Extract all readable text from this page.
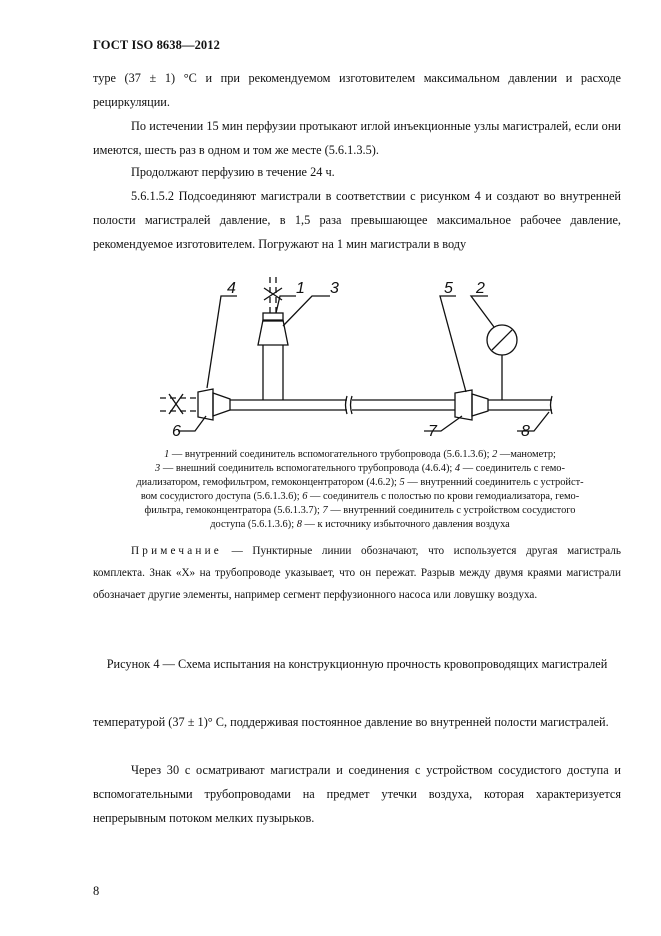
ГОСТ ISO 8638—2012
туре (37 ± 1) °С и при рекомендуемом изготовителем максимальном давлении и расходе рециркуляции.
По истечении 15 мин перфузии протыкают иглой инъекционные узлы магистралей, если они имеются, шесть раз в одном и том же месте (5.6.1.3.5).
Продолжают перфузию в течение 24 ч.
5.6.1.5.2 Подсоединяют магистрали в соответствии с рисунком 4 и создают во внутренней полости магистралей давление, в 1,5 раза превышающее максимальное рабочее давление, рекомендуемое изготовителем. Погружают на 1 мин магистрали в воду
4	1 3	5 2
6	7	8
1 — внутренний соединитель вспомогательного трубопровода (5.6.1.3.6); 2 —манометр;
3 — внешний соединитель вспомогательного трубопровода (4.6.4); 4 — соединитель с гемо-
диализатором, гемофильтром, гемоконцентратором (4.6.2); 5 — внутренний соединитель с устройст-
вом сосудистого доступа (5.6.1.3.6); 6 — соединитель с полостью по крови гемодиализатора, гемо-
фильтра, гемоконцентратора (5.6.1.3.7); 7 — внутренний соединитель с устройством сосудистого
доступа (5.6.1.3.6); 8 — к источнику избыточного давления воздуха
Примечание — Пунктирные линии обозначают, что используется другая магистраль комплекта. Знак «Х» на трубопроводе указывает, что он пережат. Разрыв между двумя краями магистрали обозначает другие элементы, например сегмент перфузионного насоса или ловушку воздуха.
Рисунок 4 — Схема испытания на конструкционную прочность кровопроводящих магистралей
температурой (37 ± 1)° С, поддерживая постоянное давление во внутренней полости магистралей.
Через 30 с осматривают магистрали и соединения с устройством сосудистого доступа и вспомогательными трубопроводами на предмет утечки воздуха, которая характеризуется непрерывным потоком мелких пузырьков.
8
